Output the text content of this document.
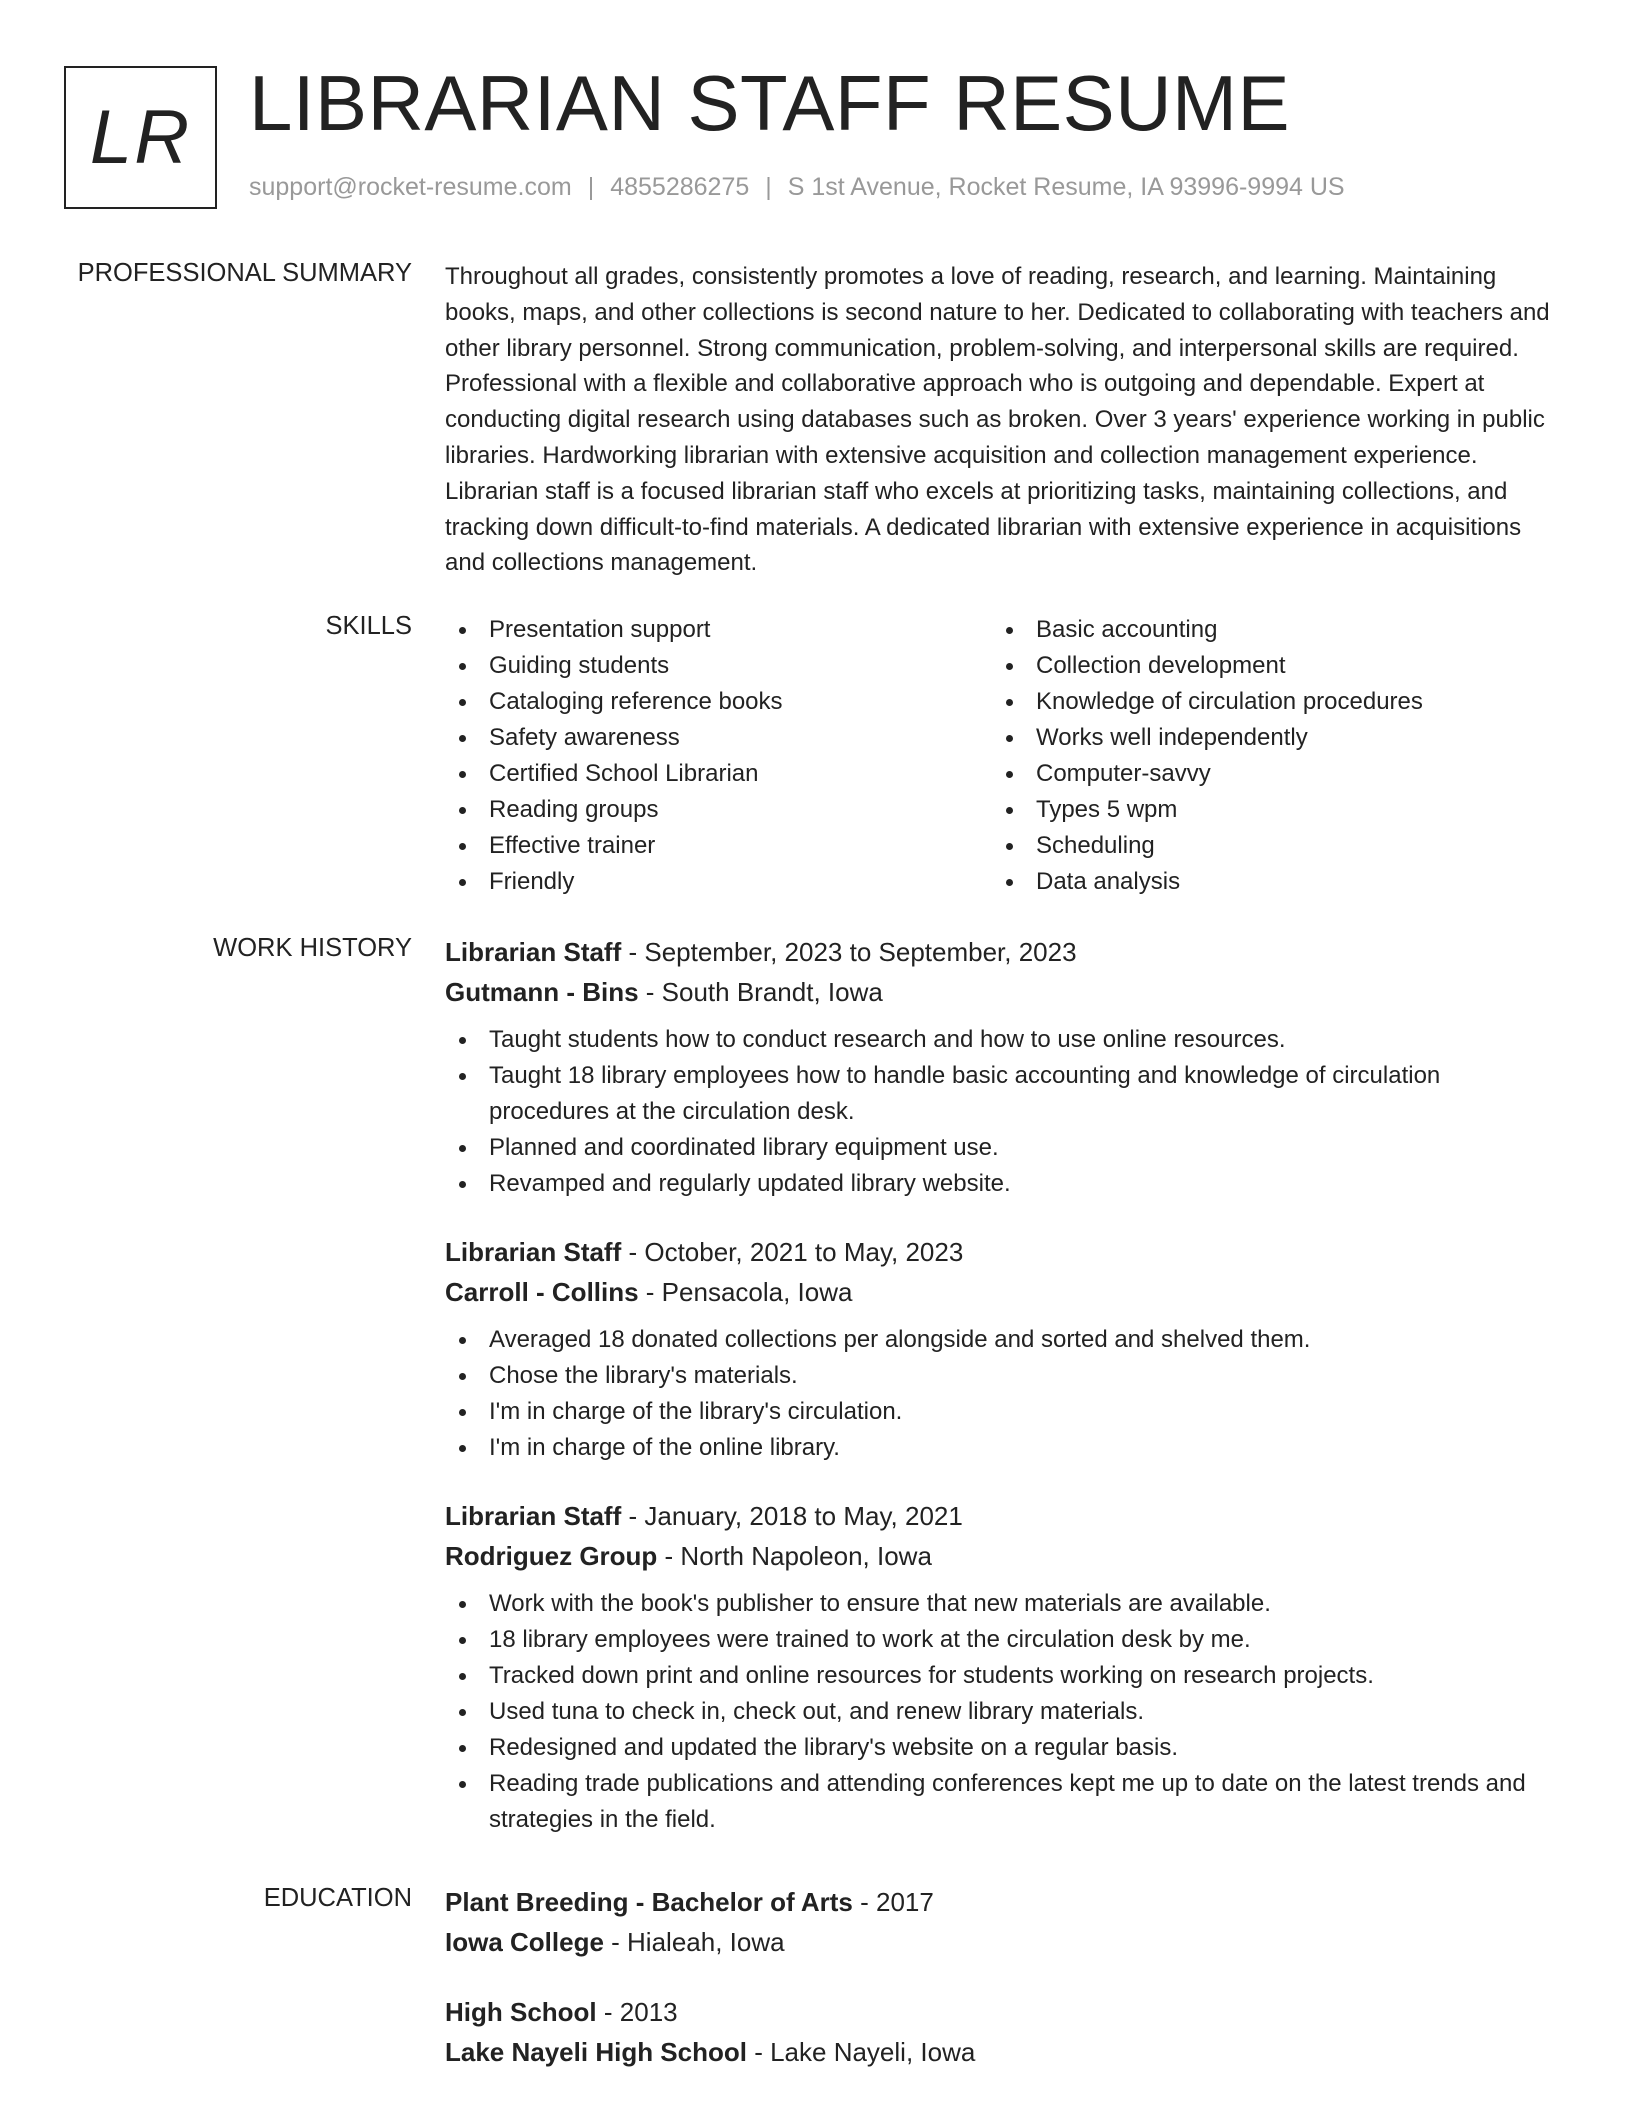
LR LIBRARIAN STAFF RESUME
support@rocket-resume.com | 4855286275 | S 1st Avenue, Rocket Resume, IA 93996-9994 US
PROFESSIONAL SUMMARY Throughout all grades, consistently promotes a love of reading, research, and learning. Maintaining books, maps, and other collections is second nature to her. Dedicated to collaborating with teachers and other library personnel. Strong communication, problem-solving, and interpersonal skills are required. Professional with a flexible and collaborative approach who is outgoing and dependable. Expert at conducting digital research using databases such as broken. Over 3 years' experience working in public libraries. Hardworking librarian with extensive acquisition and collection management experience. Librarian staff is a focused librarian staff who excels at prioritizing tasks, maintaining collections, and tracking down difficult-to-find materials. A dedicated librarian with extensive experience in acquisitions and collections management.

SKILLS	Presentation support
Guiding students
Cataloging reference books
Safety awareness
Certified School Librarian
Reading groups
Effective trainer
Friendly
Basic accounting
Collection development
Knowledge of circulation procedures
Works well independently
Computer-savvy
Types 5 wpm
Scheduling
Data analysis
WORK HISTORY Librarian Staff - September, 2023 to September, 2023
Gutmann - Bins - South Brandt, Iowa
Taught students how to conduct research and how to use online resources.
Taught 18 library employees how to handle basic accounting and knowledge of circulation procedures at the circulation desk.
Planned and coordinated library equipment use.
Revamped and regularly updated library website.
Librarian Staff - October, 2021 to May, 2023
Carroll - Collins - Pensacola, Iowa
Averaged 18 donated collections per alongside and sorted and shelved them.
Chose the library's materials.
I'm in charge of the library's circulation.
I'm in charge of the online library.
Librarian Staff - January, 2018 to May, 2021
Rodriguez Group - North Napoleon, Iowa
Work with the book's publisher to ensure that new materials are available.
18 library employees were trained to work at the circulation desk by me.
Tracked down print and online resources for students working on research projects.
Used tuna to check in, check out, and renew library materials.
Redesigned and updated the library's website on a regular basis.
Reading trade publications and attending conferences kept me up to date on the latest trends and strategies in the field.
EDUCATION Plant Breeding - Bachelor of Arts - 2017
Iowa College - Hialeah, Iowa
High School - 2013
Lake Nayeli High School - Lake Nayeli, Iowa
